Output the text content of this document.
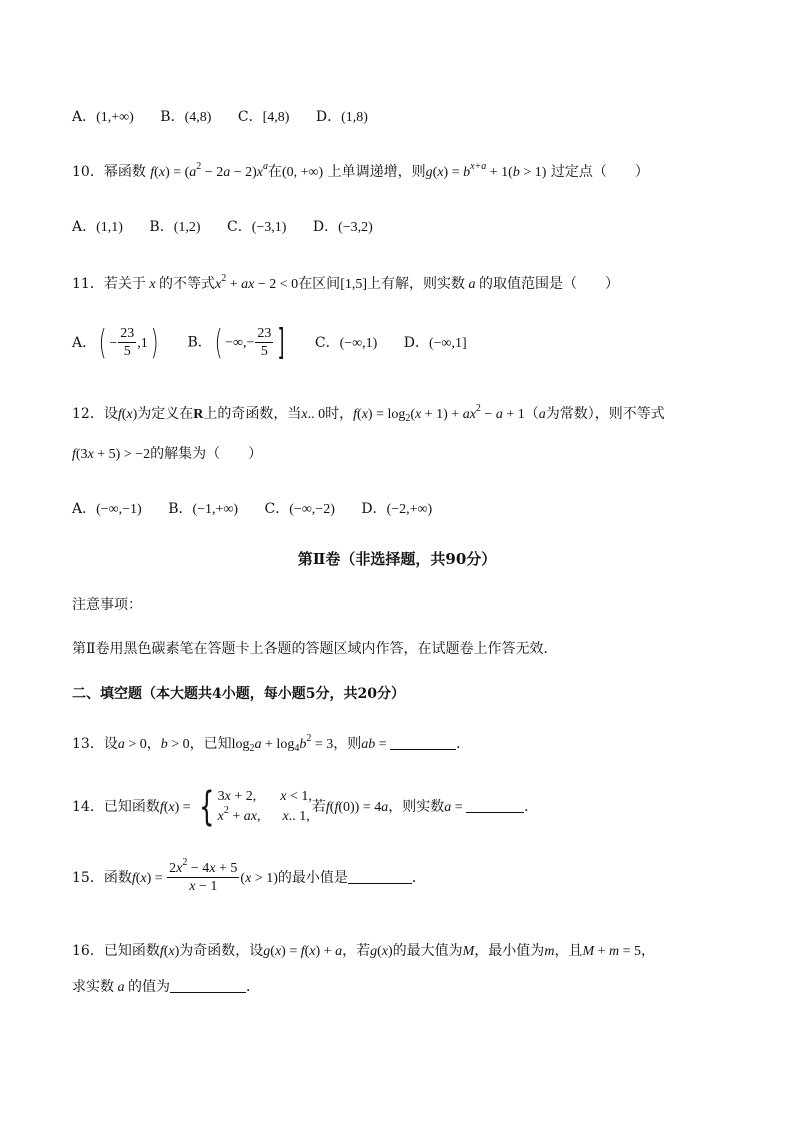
A．(1,+∞) B．(4,8) C．[4,8) D．(1,8)
10．幂函数 $f(x) = (a^2 - 2a - 2)x^a$在(0, +∞) 上单调递增，则$g(x) = b^{x+a} + 1(b > 1)$ 过定点（　　）
A．(1,1) B．(1,2) C．(−3,1) D．(−3,2)
11．若关于 x 的不等式$x^2$ + ax − 2 < 0在区间[1,5]上有解，则实数 a 的取值范围是（　　）
A．( − $\frac{23}{5} ,1$) B．( −∞,− $\frac{23}{5}$ ] C．(−∞,1) D．(−∞,1]
12．设f(x)为定义在R上的奇函数，当x.. 0时，$f(x) = \log_2(x + 1) + ax^2 - a + 1(a$为常数），则不等式
f(3x + 5) > −2的解集为（　　）
A．(−∞,−1) B．(−1,+∞) C．(−∞,−2) D．(−2,+∞)
第Ⅱ卷（非选择题，共90分）
注意事项：
第Ⅱ卷用黑色碳素笔在答题卡上各题的答题区域内作答，在试题卷上作答无效．
二、填空题（本大题共4小题，每小题5分，共20分）
13．设a > 0，b > 0，已知$\log_2a + \log_4b^2 = 3$，则ab =	．
14．已知函数f(x) = { 3x + 2, x < 1,
$x^2$ + ax, x.. 1,
若f(f(0)) = 4a，则实数a =	．
15．函数$f(x) = \frac{2x^2 - 4x + 5}{x - 1} (x > 1)$的最小值是	．
16．已知函数f(x)为奇函数，设g(x) = f(x) + a，若g(x)的最大值为M，最小值为m，且M + m = 5，
求实数 a 的值为	．
